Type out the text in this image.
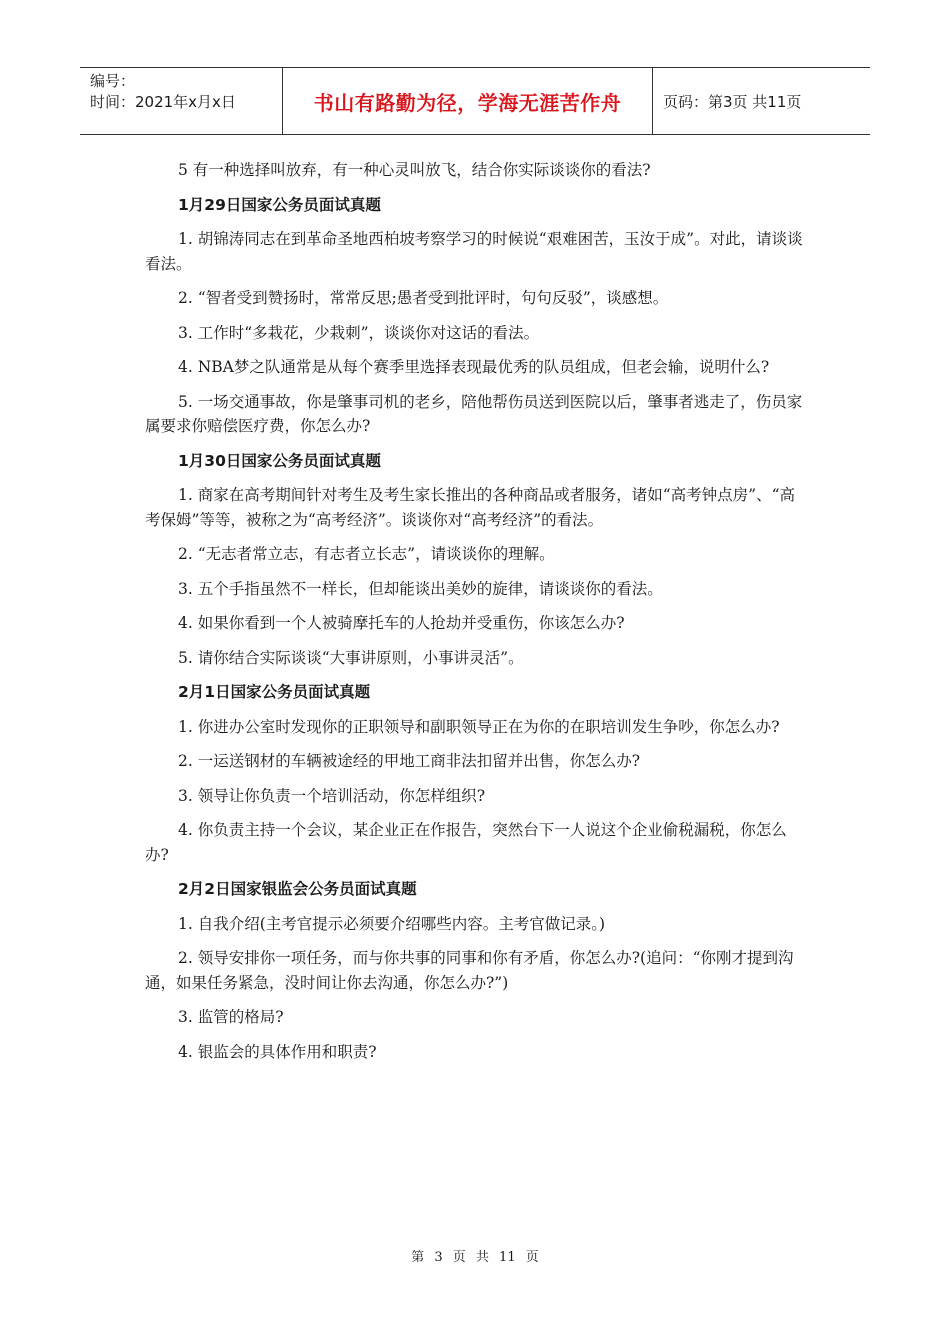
编号：
时间：2021年x月x日	书山有路勤为径，学海无涯苦作舟	页码：第3页 共11页

5 有一种选择叫放弃，有一种心灵叫放飞，结合你实际谈谈你的看法?

1月29日国家公务员面试真题

1. 胡锦涛同志在到革命圣地西柏坡考察学习的时候说“艰难困苦，玉汝于成”。对此，请谈谈看法。

2. “智者受到赞扬时，常常反思;愚者受到批评时，句句反驳”，谈感想。

3. 工作时“多栽花，少栽刺”，谈谈你对这话的看法。

4. NBA梦之队通常是从每个赛季里选择表现最优秀的队员组成，但老会输，说明什么?

5. 一场交通事故，你是肇事司机的老乡，陪他帮伤员送到医院以后，肇事者逃走了，伤员家属要求你赔偿医疗费，你怎么办?

1月30日国家公务员面试真题

1. 商家在高考期间针对考生及考生家长推出的各种商品或者服务，诸如“高考钟点房”、“高考保姆”等等，被称之为“高考经济”。谈谈你对“高考经济”的看法。

2. “无志者常立志，有志者立长志”，请谈谈你的理解。

3. 五个手指虽然不一样长，但却能谈出美妙的旋律，请谈谈你的看法。

4. 如果你看到一个人被骑摩托车的人抢劫并受重伤，你该怎么办?

5. 请你结合实际谈谈“大事讲原则，小事讲灵活”。

2月1日国家公务员面试真题

1. 你进办公室时发现你的正职领导和副职领导正在为你的在职培训发生争吵，你怎么办?

2. 一运送钢材的车辆被途经的甲地工商非法扣留并出售，你怎么办?

3. 领导让你负责一个培训活动，你怎样组织?

4. 你负责主持一个会议，某企业正在作报告，突然台下一人说这个企业偷税漏税，你怎么办?

2月2日国家银监会公务员面试真题

1. 自我介绍(主考官提示必须要介绍哪些内容。主考官做记录。)

2. 领导安排你一项任务，而与你共事的同事和你有矛盾，你怎么办?(追问：“你刚才提到沟通，如果任务紧急，没时间让你去沟通，你怎么办?”)

3. 监管的格局?

4. 银监会的具体作用和职责?

第 3 页 共 11 页
